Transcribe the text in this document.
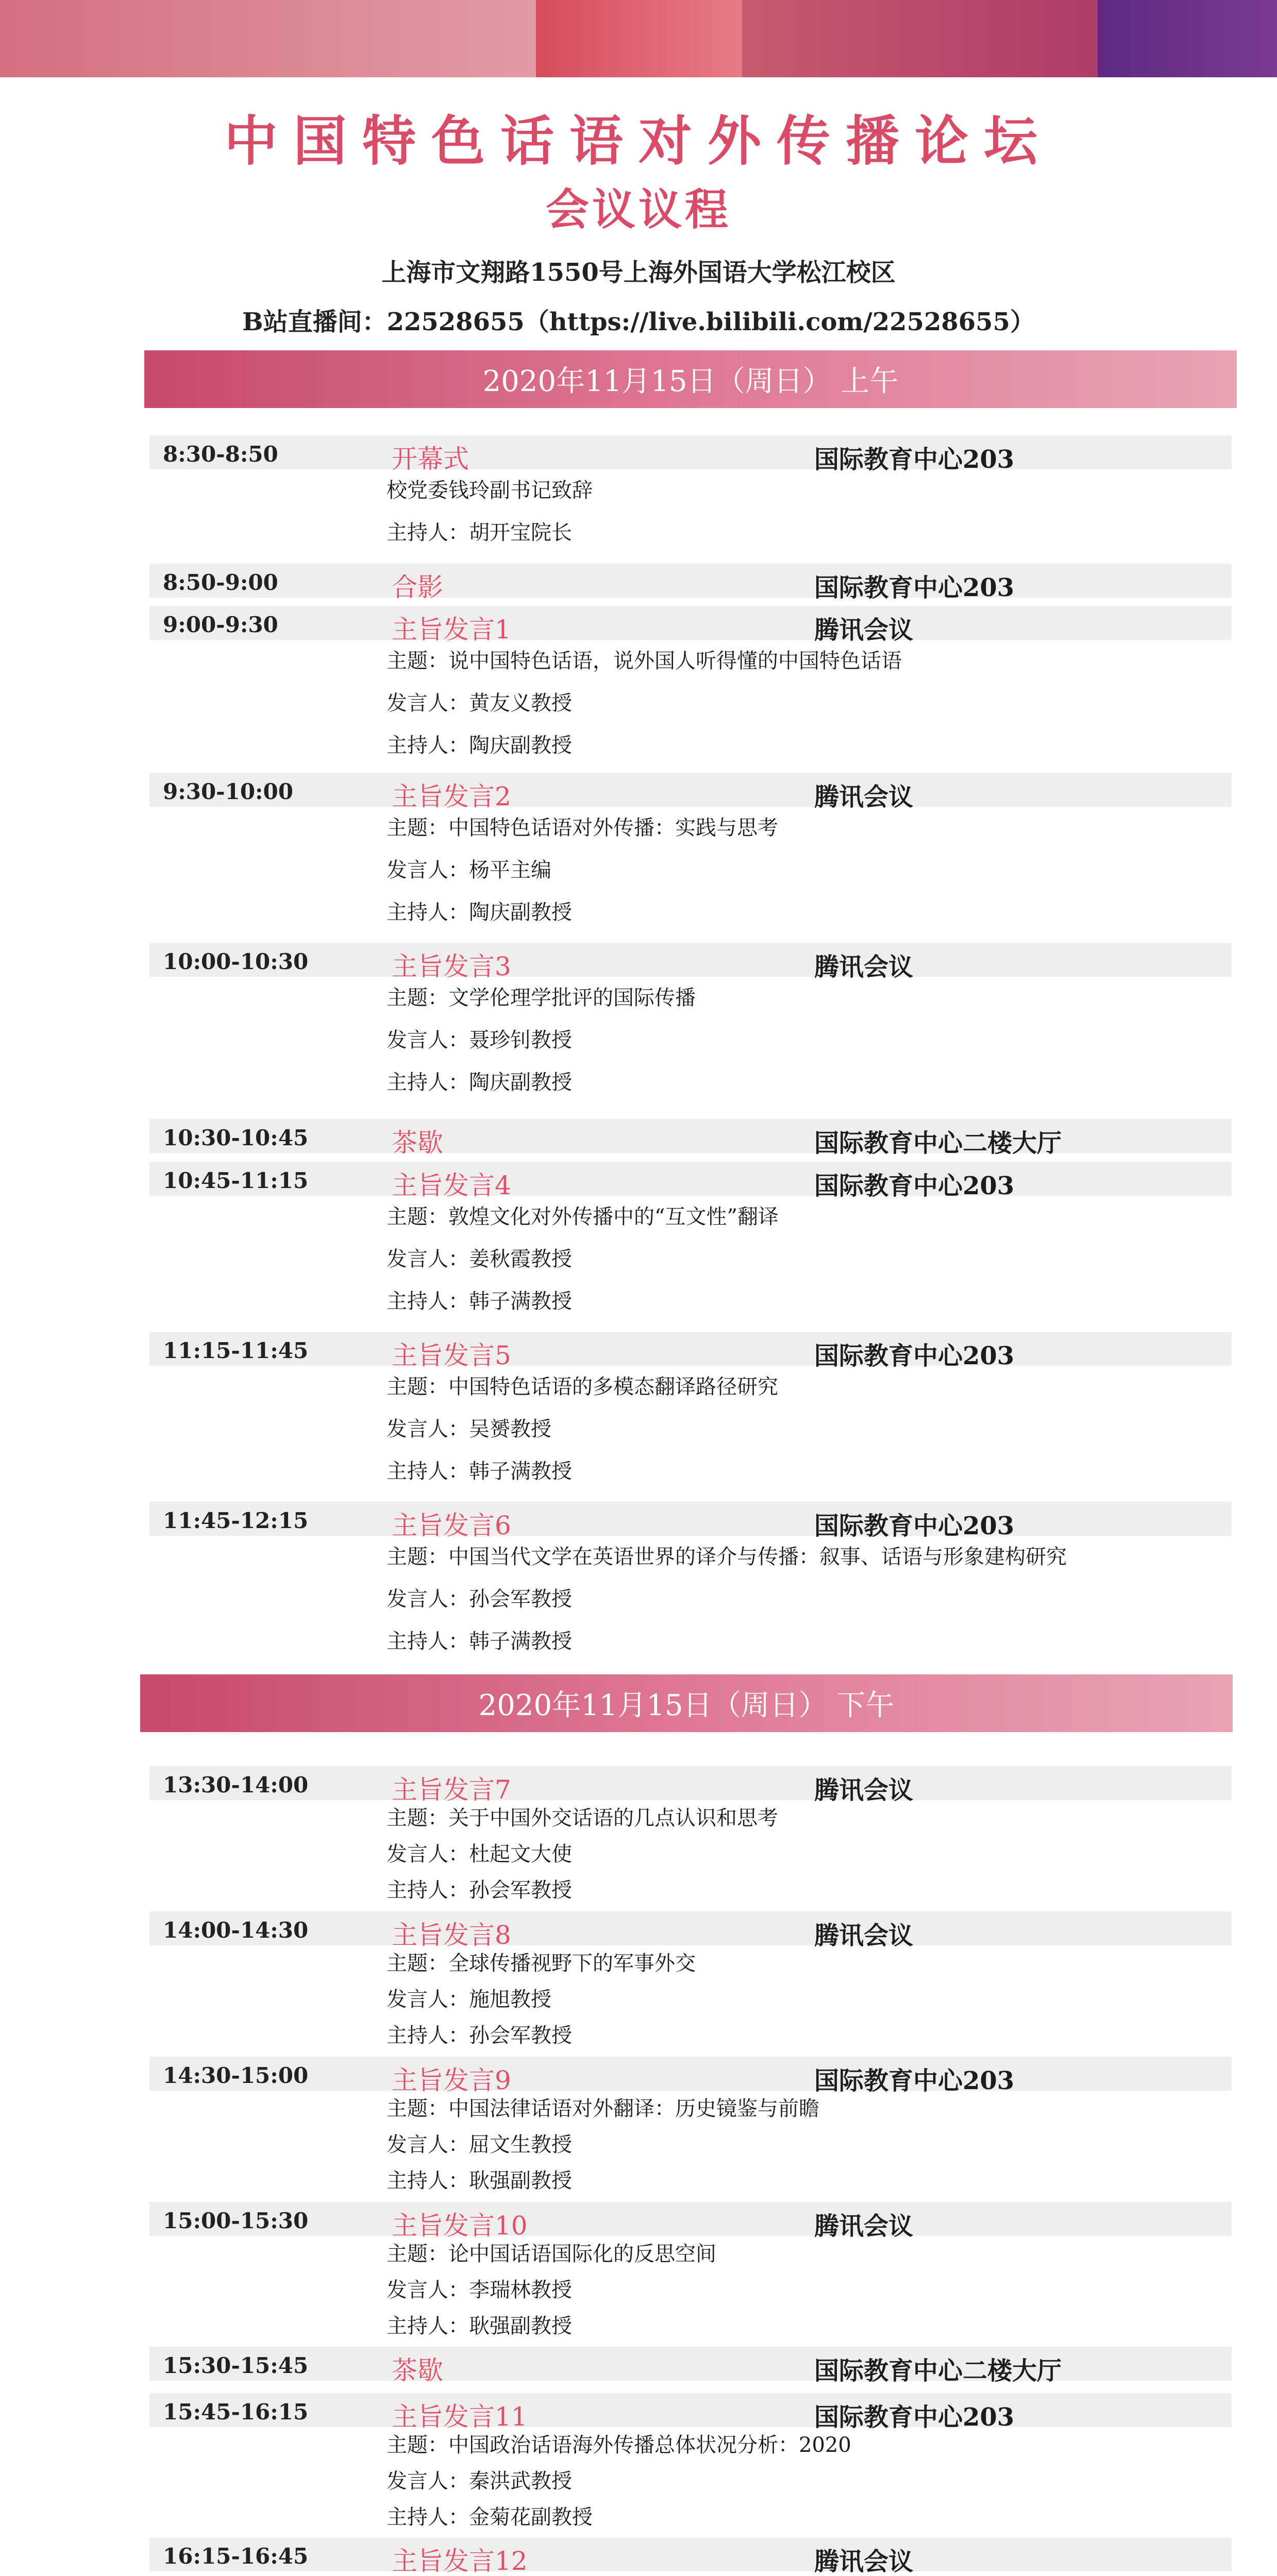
中国特色话语对外传播论坛
会议议程
上海市文翔路1550号上海外国语大学松江校区
B站直播间：22528655（https://live.bilibili.com/22528655）
2020年11月15日（周日） 上午
2020年11月15日（周日） 下午
8:30-8:50	开幕式	国际教育中心203
校党委钱玲副书记致辞
主持人：胡开宝院长
8:50-9:00	合影	国际教育中心203
9:00-9:30	主旨发言1	腾讯会议
主题：说中国特色话语，说外国人听得懂的中国特色话语
发言人：黄友义教授
主持人：陶庆副教授
9:30-10:00	主旨发言2	腾讯会议
主题：中国特色话语对外传播：实践与思考
发言人：杨平主编
主持人：陶庆副教授
10:00-10:30	主旨发言3	腾讯会议
主题：文学伦理学批评的国际传播
发言人：聂珍钊教授
主持人：陶庆副教授
10:30-10:45	茶歇	国际教育中心二楼大厅
10:45-11:15	主旨发言4	国际教育中心203
主题：敦煌文化对外传播中的“互文性”翻译
发言人：姜秋霞教授
主持人：韩子满教授
11:15-11:45	主旨发言5	国际教育中心203
主题：中国特色话语的多模态翻译路径研究
发言人：吴赟教授
主持人：韩子满教授
11:45-12:15	主旨发言6	国际教育中心203
主题：中国当代文学在英语世界的译介与传播：叙事、话语与形象建构研究
发言人：孙会军教授
主持人：韩子满教授
13:30-14:00	主旨发言7	腾讯会议
主题：关于中国外交话语的几点认识和思考
发言人：杜起文大使
主持人：孙会军教授
14:00-14:30	主旨发言8	腾讯会议
主题：全球传播视野下的军事外交
发言人：施旭教授
主持人：孙会军教授
14:30-15:00	主旨发言9	国际教育中心203
主题：中国法律话语对外翻译：历史镜鉴与前瞻
发言人：屈文生教授
主持人：耿强副教授
15:00-15:30	主旨发言10	腾讯会议
主题：论中国话语国际化的反思空间
发言人：李瑞林教授
主持人：耿强副教授
15:30-15:45	茶歇	国际教育中心二楼大厅
15:45-16:15	主旨发言11	国际教育中心203
主题：中国政治话语海外传播总体状况分析：2020
发言人：秦洪武教授
主持人：金菊花副教授
16:15-16:45	主旨发言12	腾讯会议
